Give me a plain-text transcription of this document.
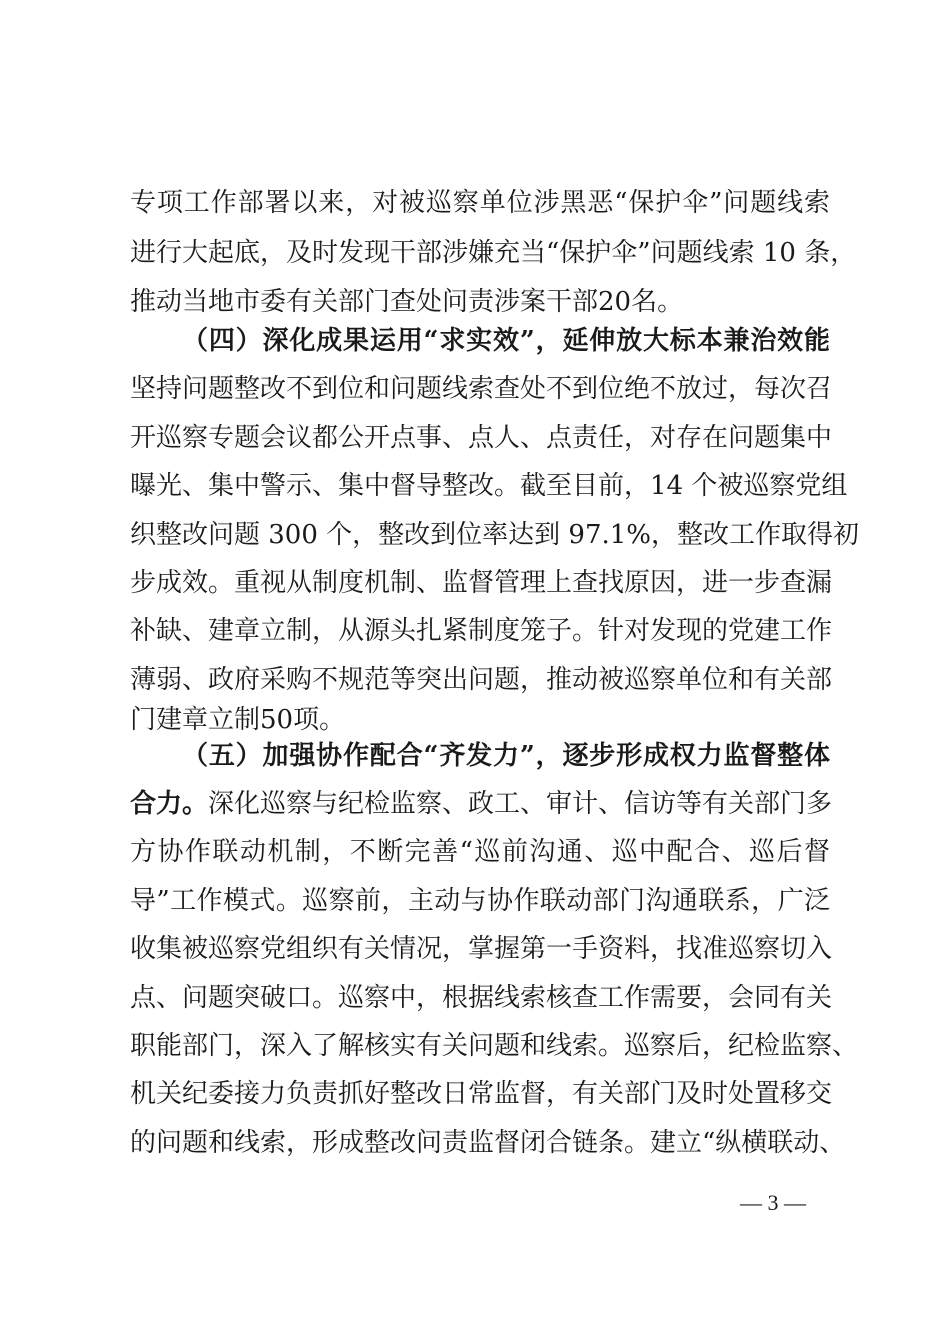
专项工作部署以来，对被巡察单位涉黑恶“保护伞”问题线索
进行大起底，及时发现干部涉嫌充当“保护伞”问题线索 10 条，
推动当地市委有关部门查处问责涉案干部20名。
（四）深化成果运用“求实效”，延伸放大标本兼治效能
坚持问题整改不到位和问题线索查处不到位绝不放过，每次召
开巡察专题会议都公开点事、点人、点责任，对存在问题集中
曝光、集中警示、集中督导整改。截至目前，14 个被巡察党组
织整改问题 300 个，整改到位率达到 97.1%，整改工作取得初
步成效。重视从制度机制、监督管理上查找原因，进一步查漏
补缺、建章立制，从源头扎紧制度笼子。针对发现的党建工作
薄弱、政府采购不规范等突出问题，推动被巡察单位和有关部
门建章立制50项。
（五）加强协作配合“齐发力”，逐步形成权力监督整体
合力。深化巡察与纪检监察、政工、审计、信访等有关部门多
方协作联动机制，不断完善“巡前沟通、巡中配合、巡后督
导”工作模式。巡察前，主动与协作联动部门沟通联系，广泛
收集被巡察党组织有关情况，掌握第一手资料，找准巡察切入
点、问题突破口。巡察中，根据线索核查工作需要，会同有关
职能部门，深入了解核实有关问题和线索。巡察后，纪检监察、
机关纪委接力负责抓好整改日常监督，有关部门及时处置移交
的问题和线索，形成整改问责监督闭合链条。建立“纵横联动、
— 3 —
